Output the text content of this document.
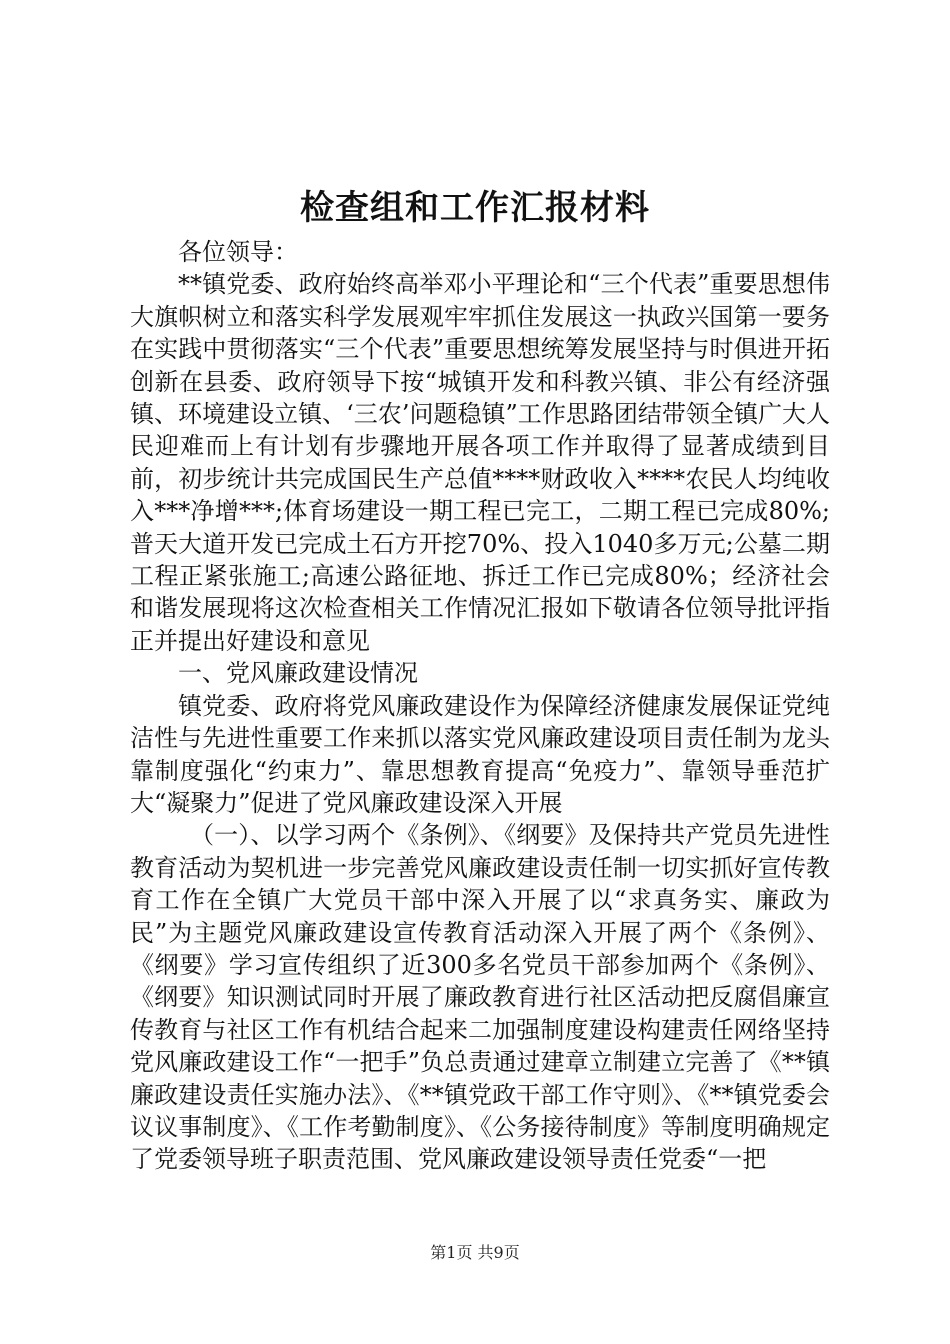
检查组和工作汇报材料

各位领导：

**镇党委、政府始终高举邓小平理论和“三个代表”重要思想伟大旗帜树立和落实科学发展观牢牢抓住发展这一执政兴国第一要务在实践中贯彻落实“三个代表”重要思想统筹发展坚持与时俱进开拓创新在县委、政府领导下按“城镇开发和科教兴镇、非公有经济强镇、环境建设立镇、‘三农’问题稳镇”工作思路团结带领全镇广大人民迎难而上有计划有步骤地开展各项工作并取得了显著成绩到目前，初步统计共完成国民生产总值****财政收入****农民人均纯收入***净增***;体育场建设一期工程已完工，二期工程已完成80%;普天大道开发已完成土石方开挖70%、投入1040多万元;公墓二期工程正紧张施工;高速公路征地、拆迁工作已完成80%；经济社会和谐发展现将这次检查相关工作情况汇报如下敬请各位领导批评指正并提出好建设和意见

一、党风廉政建设情况

镇党委、政府将党风廉政建设作为保障经济健康发展保证党纯洁性与先进性重要工作来抓以落实党风廉政建设项目责任制为龙头靠制度强化“约束力”、靠思想教育提高“免疫力”、靠领导垂范扩大“凝聚力”促进了党风廉政建设深入开展

（一）、以学习两个《条例》、《纲要》及保持共产党员先进性教育活动为契机进一步完善党风廉政建设责任制一切实抓好宣传教育工作在全镇广大党员干部中深入开展了以“求真务实、廉政为民”为主题党风廉政建设宣传教育活动深入开展了两个《条例》、《纲要》学习宣传组织了近300多名党员干部参加两个《条例》、《纲要》知识测试同时开展了廉政教育进行社区活动把反腐倡廉宣传教育与社区工作有机结合起来二加强制度建设构建责任网络坚持党风廉政建设工作“一把手”负总责通过建章立制建立完善了《**镇廉政建设责任实施办法》、《**镇党政干部工作守则》、《**镇党委会议议事制度》、《工作考勤制度》、《公务接待制度》等制度明确规定了党委领导班子职责范围、党风廉政建设领导责任党委“一把

第1页 共9页
